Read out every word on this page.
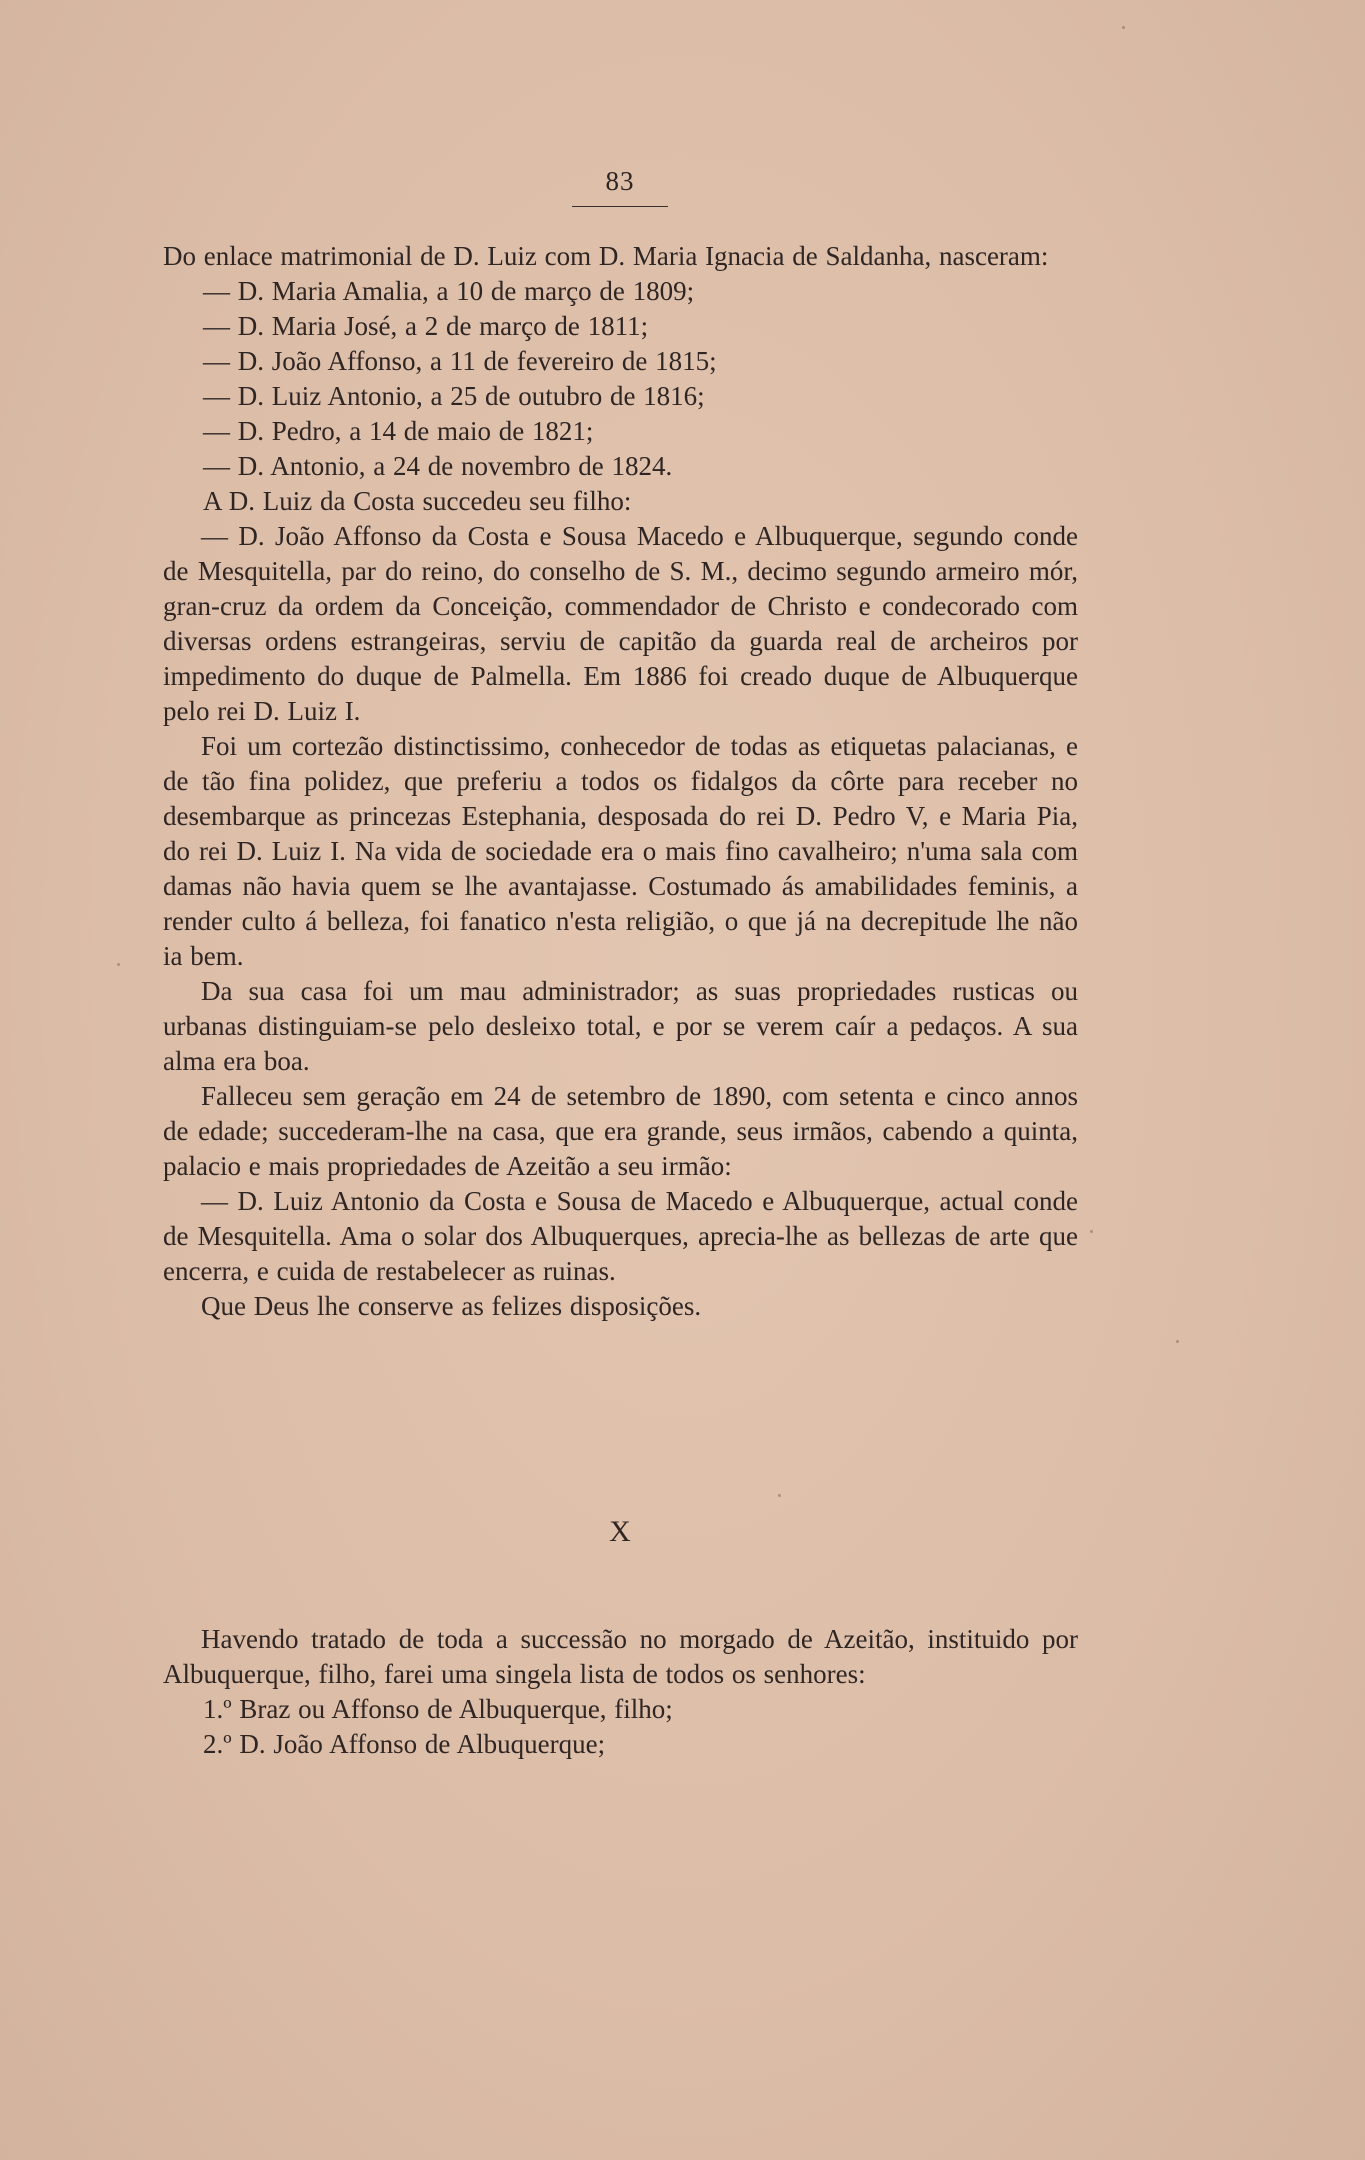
83

Do enlace matrimonial de D. Luiz com D. Maria Ignacia de Saldanha, nasceram:

— D. Maria Amalia, a 10 de março de 1809;

— D. Maria José, a 2 de março de 1811;

— D. João Affonso, a 11 de fevereiro de 1815;

— D. Luiz Antonio, a 25 de outubro de 1816;

— D. Pedro, a 14 de maio de 1821;

— D. Antonio, a 24 de novembro de 1824.

A D. Luiz da Costa succedeu seu filho:

— D. João Affonso da Costa e Sousa Macedo e Albuquerque, segundo conde de Mesquitella, par do reino, do conselho de S. M., decimo segundo armeiro mór, gran-cruz da ordem da Conceição, commendador de Christo e condecorado com diversas ordens estrangeiras, serviu de capitão da guarda real de archeiros por impedimento do duque de Palmella. Em 1886 foi creado duque de Albuquerque pelo rei D. Luiz I.

Foi um cortezão distinctissimo, conhecedor de todas as etiquetas palacianas, e de tão fina polidez, que preferiu a todos os fidalgos da côrte para receber no desembarque as princezas Estephania, desposada do rei D. Pedro V, e Maria Pia, do rei D. Luiz I. Na vida de sociedade era o mais fino cavalheiro; n'uma sala com damas não havia quem se lhe avantajasse. Costumado ás amabilidades feminis, a render culto á belleza, foi fanatico n'esta religião, o que já na decrepitude lhe não ia bem.

Da sua casa foi um mau administrador; as suas propriedades rusticas ou urbanas distinguiam-se pelo desleixo total, e por se verem caír a pedaços. A sua alma era boa.

Falleceu sem geração em 24 de setembro de 1890, com setenta e cinco annos de edade; succederam-lhe na casa, que era grande, seus irmãos, cabendo a quinta, palacio e mais propriedades de Azeitão a seu irmão:

— D. Luiz Antonio da Costa e Sousa de Macedo e Albuquerque, actual conde de Mesquitella. Ama o solar dos Albuquerques, aprecia-lhe as bellezas de arte que encerra, e cuida de restabelecer as ruinas.

Que Deus lhe conserve as felizes disposições.

X

Havendo tratado de toda a successão no morgado de Azeitão, instituido por Albuquerque, filho, farei uma singela lista de todos os senhores:

1.º Braz ou Affonso de Albuquerque, filho;

2.º D. João Affonso de Albuquerque;
